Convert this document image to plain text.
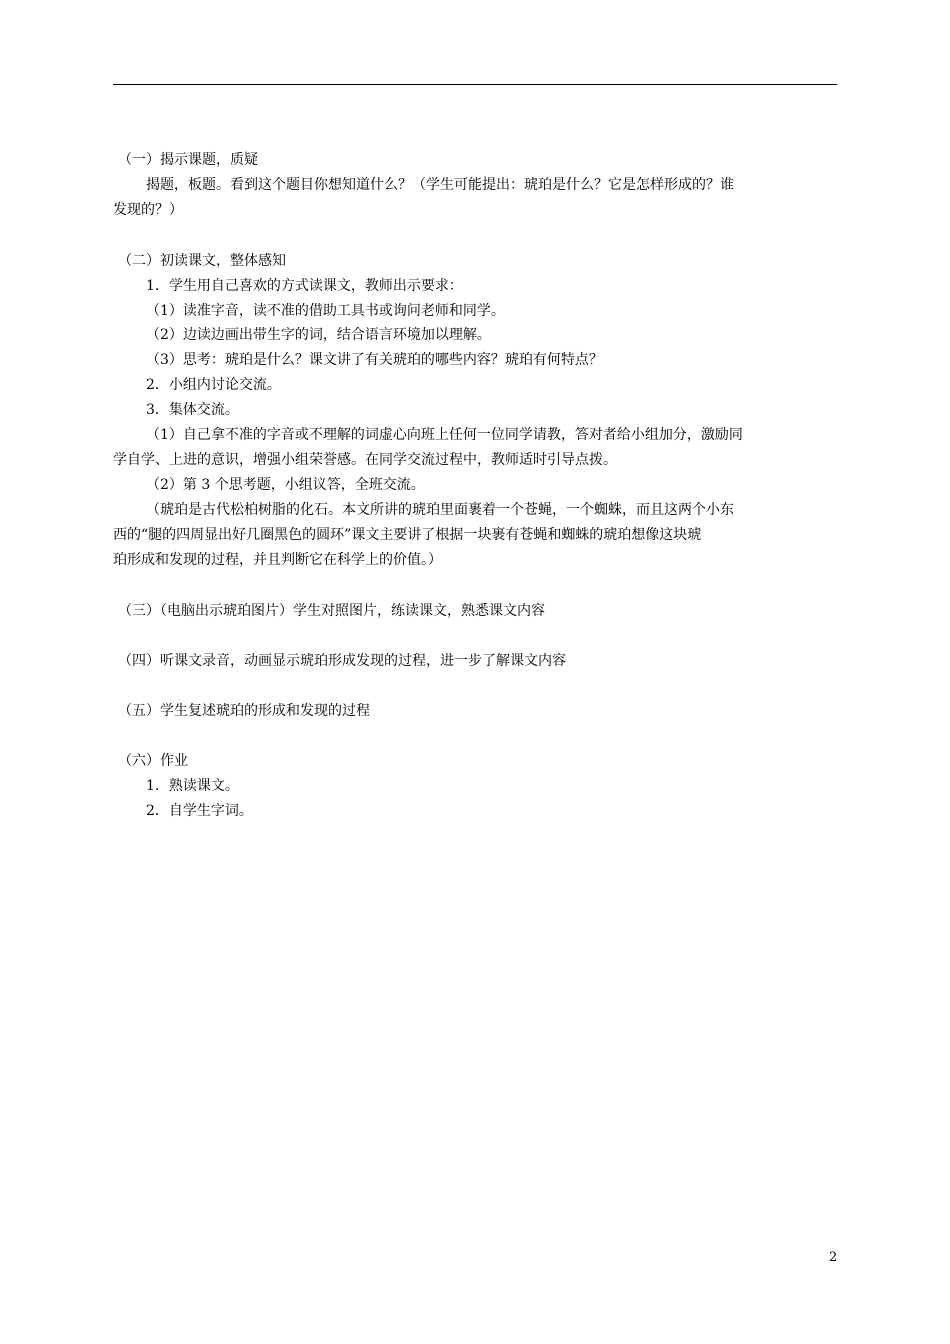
（一）揭示课题，质疑
揭题，板题。看到这个题目你想知道什么？（学生可能提出：琥珀是什么？它是怎样形成的？谁
发现的？）
（二）初读课文，整体感知
1．学生用自己喜欢的方式读课文，教师出示要求：
（1）读准字音，读不准的借助工具书或询问老师和同学。
（2）边读边画出带生字的词，结合语言环境加以理解。
（3）思考：琥珀是什么？课文讲了有关琥珀的哪些内容？琥珀有何特点？
2．小组内讨论交流。
3．集体交流。
（1）自己拿不准的字音或不理解的词虚心向班上任何一位同学请教，答对者给小组加分，激励同
学自学、上进的意识，增强小组荣誉感。在同学交流过程中，教师适时引导点拨。
（2）第 3 个思考题，小组议答，全班交流。
（琥珀是古代松柏树脂的化石。本文所讲的琥珀里面裹着一个苍蝇，一个蜘蛛，而且这两个小东
西的“腿的四周显出好几圈黑色的圆环”课文主要讲了根据一块裹有苍蝇和蜘蛛的琥珀想像这块琥
珀形成和发现的过程，并且判断它在科学上的价值。）
（三）（电脑出示琥珀图片）学生对照图片，练读课文，熟悉课文内容
（四）听课文录音，动画显示琥珀形成发现的过程，进一步了解课文内容
（五）学生复述琥珀的形成和发现的过程
（六）作业
1．熟读课文。
2．自学生字词。
2
